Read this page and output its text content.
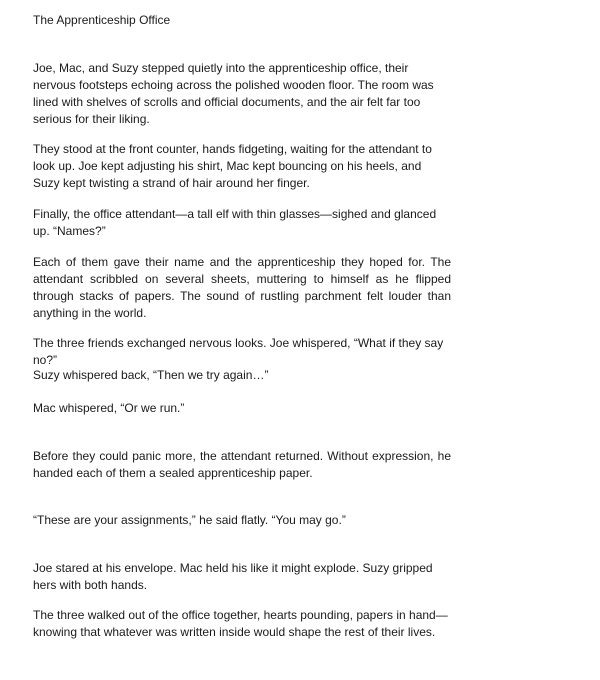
The Apprenticeship Office

Joe, Mac, and Suzy stepped quietly into the apprenticeship office, their nervous footsteps echoing across the polished wooden floor. The room was lined with shelves of scrolls and official documents, and the air felt far too serious for their liking.

They stood at the front counter, hands fidgeting, waiting for the attendant to look up. Joe kept adjusting his shirt, Mac kept bouncing on his heels, and Suzy kept twisting a strand of hair around her finger.

Finally, the office attendant—a tall elf with thin glasses—sighed and glanced up. “Names?”

Each of them gave their name and the apprenticeship they hoped for. The attendant scribbled on several sheets, muttering to himself as he flipped through stacks of papers. The sound of rustling parchment felt louder than anything in the world.

The three friends exchanged nervous looks. Joe whispered, “What if they say no?”

Suzy whispered back, “Then we try again…”

Mac whispered, “Or we run.”

Before they could panic more, the attendant returned. Without expression, he handed each of them a sealed apprenticeship paper.

“These are your assignments,” he said flatly. “You may go.”

Joe stared at his envelope. Mac held his like it might explode. Suzy gripped hers with both hands.

The three walked out of the office together, hearts pounding, papers in hand—knowing that whatever was written inside would shape the rest of their lives.
